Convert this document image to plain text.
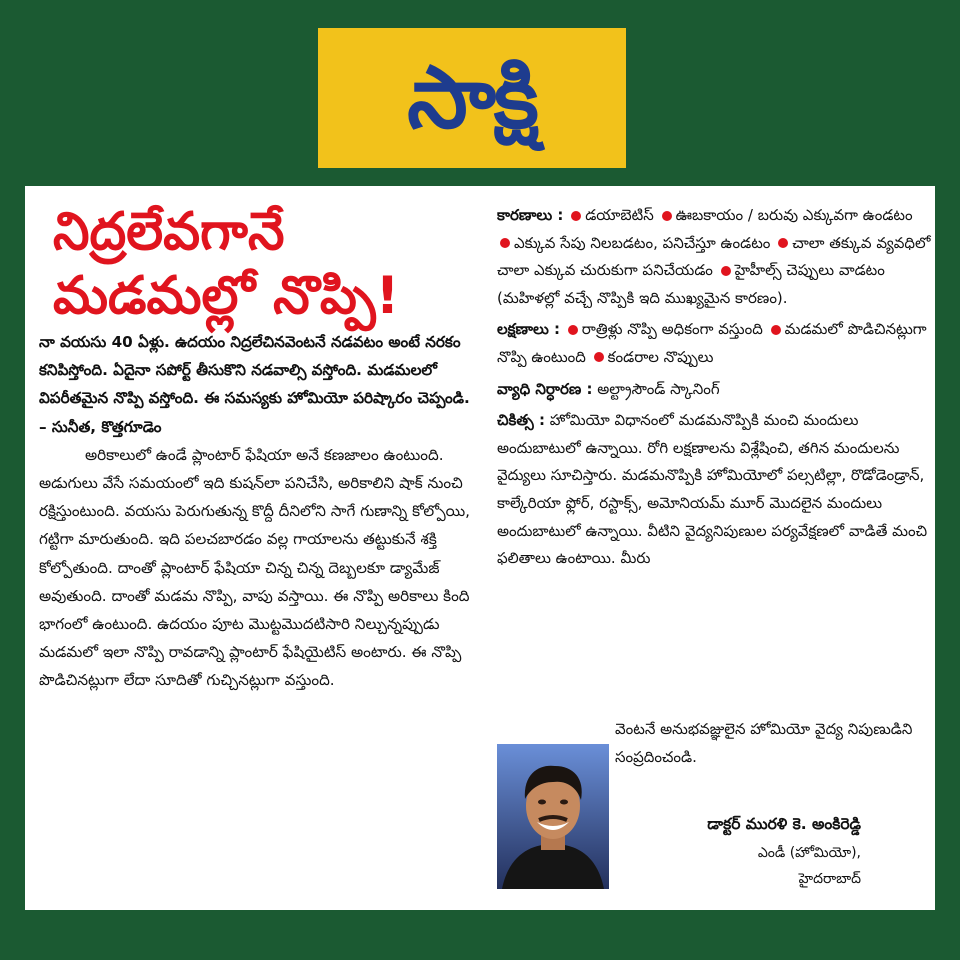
సాక్షి
నిద్రలేవగానే
మడమల్లో నొప్పి!

నా వయసు 40 ఏళ్లు. ఉదయం నిద్రలేచినవెంటనే నడవటం అంటే నరకం కనిపిస్తోంది. ఏదైనా సపోర్ట్ తీసుకొని నడవాల్సి వస్తోంది. మడమలలో విపరీతమైన నొప్పి వస్తోంది. ఈ సమస్యకు హోమియో పరిష్కారం చెప్పండి.

– సునీత, కొత్తగూడెం

అరికాలులో ఉండే ప్లాంటార్ ఫేషియా అనే కణజాలం ఉంటుంది. అడుగులు వేసే సమయంలో ఇది కుషన్‌లా పనిచేసి, అరికాలిని షాక్ నుంచి రక్షిస్తుంటుంది. వయసు పెరుగుతున్న కొద్దీ దీనిలోని సాగే గుణాన్ని కోల్పోయి, గట్టిగా మారుతుంది. ఇది పలచబారడం వల్ల గాయాలను తట్టుకునే శక్తి కోల్పోతుంది. దాంతో ప్లాంటార్ ఫేషియా చిన్న చిన్న దెబ్బలకూ డ్యామేజ్ అవుతుంది. దాంతో మడమ నొప్పి, వాపు వస్తాయి. ఈ నొప్పి అరికాలు కింది భాగంలో ఉంటుంది. ఉదయం పూట మొట్టమొదటిసారి నిల్చున్నప్పుడు మడమలో ఇలా నొప్పి రావడాన్ని ప్లాంటార్ ఫేషియైటిస్ అంటారు. ఈ నొప్పి పొడిచినట్లుగా లేదా సూదితో గుచ్చినట్లుగా వస్తుంది.

కారణాలు : డయాబెటిస్ ఊబకాయం / బరువు ఎక్కువగా ఉండటం ఎక్కువ సేపు నిలబడటం, పనిచేస్తూ ఉండటం చాలా తక్కువ వ్యవధిలో చాలా ఎక్కువ చురుకుగా పనిచేయడం హైహీల్స్ చెప్పులు వాడటం (మహిళల్లో వచ్చే నొప్పికి ఇది ముఖ్యమైన కారణం).

లక్షణాలు : రాత్రిళ్లు నొప్పి అధికంగా వస్తుంది మడమలో పొడిచినట్లుగా నొప్పి ఉంటుంది కండరాల నొప్పులు

వ్యాధి నిర్ధారణ : అల్ట్రాసౌండ్ స్కానింగ్

చికిత్స : హోమియో విధానంలో మడమనొప్పికి మంచి మందులు అందుబాటులో ఉన్నాయి. రోగి లక్షణాలను విశ్లేషించి, తగిన మందులను వైద్యులు సూచిస్తారు. మడమనొప్పికి హోమియోలో పల్సటిల్లా, రొడోడెండ్రాన్, కాల్కేరియా ఫ్లోర్, రస్టాక్స్, అమోనియమ్ మూర్ మొదలైన మందులు అందుబాటులో ఉన్నాయి. వీటిని వైద్యనిపుణుల పర్యవేక్షణలో వాడితే మంచి ఫలితాలు ఉంటాయి. మీరు

వెంటనే అనుభవజ్ఞులైన హోమియో వైద్య నిపుణుడిని సంప్రదించండి.
డాక్టర్ మురళి కె. అంకిరెడ్డి
ఎండీ (హోమియో),
హైదరాబాద్
